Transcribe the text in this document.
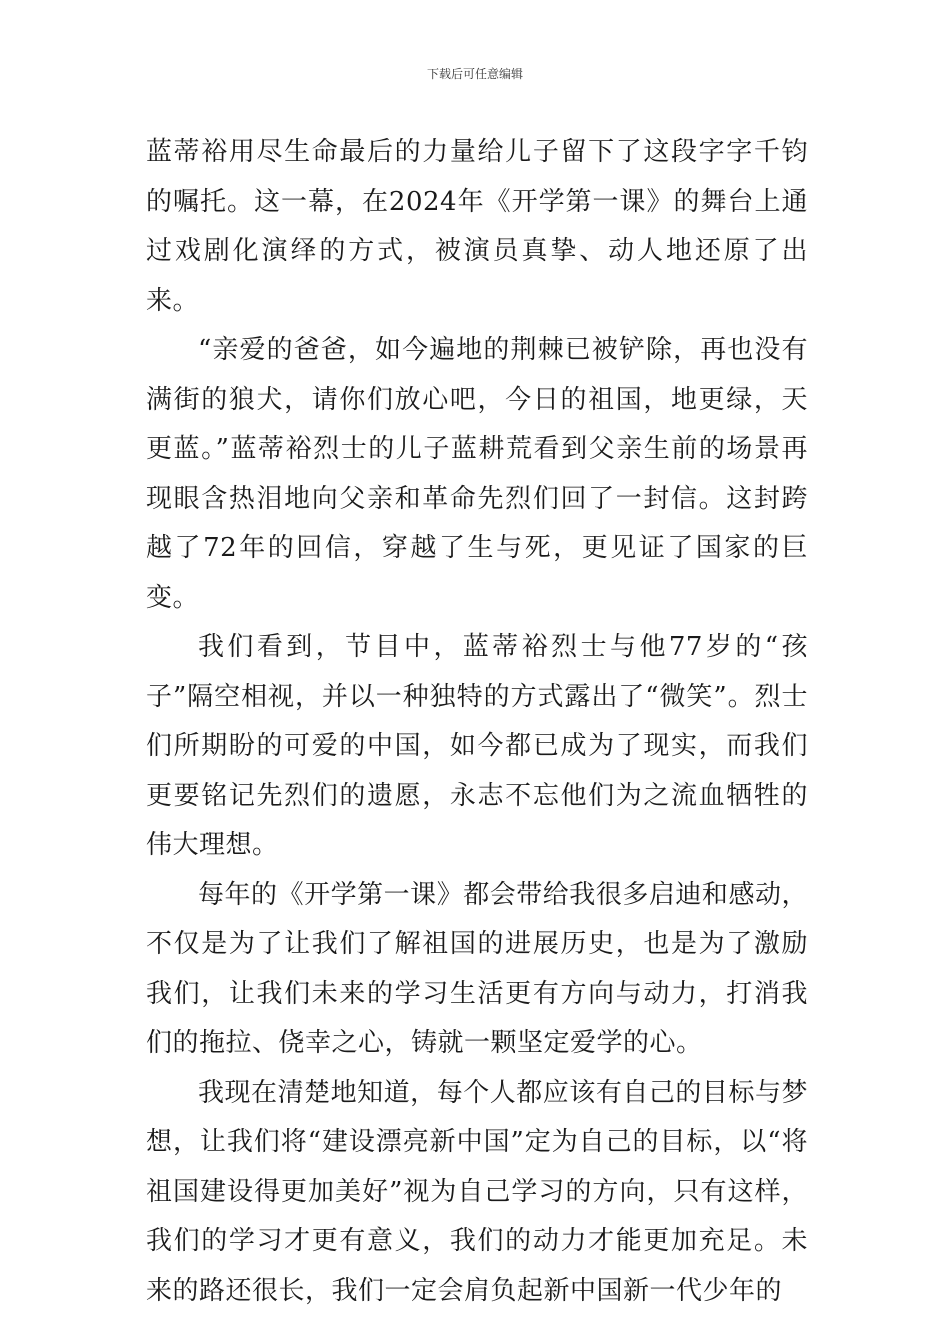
下载后可任意编辑

蓝蒂裕用尽生命最后的力量给儿子留下了这段字字千钧的嘱托。这一幕，在2024年《开学第一课》的舞台上通过戏剧化演绎的方式，被演员真挚、动人地还原了出来。

“亲爱的爸爸，如今遍地的荆棘已被铲除，再也没有满街的狼犬，请你们放心吧，今日的祖国，地更绿，天更蓝。”蓝蒂裕烈士的儿子蓝耕荒看到父亲生前的场景再现眼含热泪地向父亲和革命先烈们回了一封信。这封跨越了72年的回信，穿越了生与死，更见证了国家的巨变。

我们看到，节目中，蓝蒂裕烈士与他77岁的“孩子”隔空相视，并以一种独特的方式露出了“微笑”。烈士们所期盼的可爱的中国，如今都已成为了现实，而我们更要铭记先烈们的遗愿，永志不忘他们为之流血牺牲的伟大理想。

每年的《开学第一课》都会带给我很多启迪和感动，不仅是为了让我们了解祖国的进展历史，也是为了激励我们，让我们未来的学习生活更有方向与动力，打消我们的拖拉、侥幸之心，铸就一颗坚定爱学的心。

我现在清楚地知道，每个人都应该有自己的目标与梦想，让我们将“建设漂亮新中国”定为自己的目标，以“将祖国建设得更加美好”视为自己学习的方向，只有这样，我们的学习才更有意义，我们的动力才能更加充足。未来的路还很长，我们一定会肩负起新中国新一代少年的
